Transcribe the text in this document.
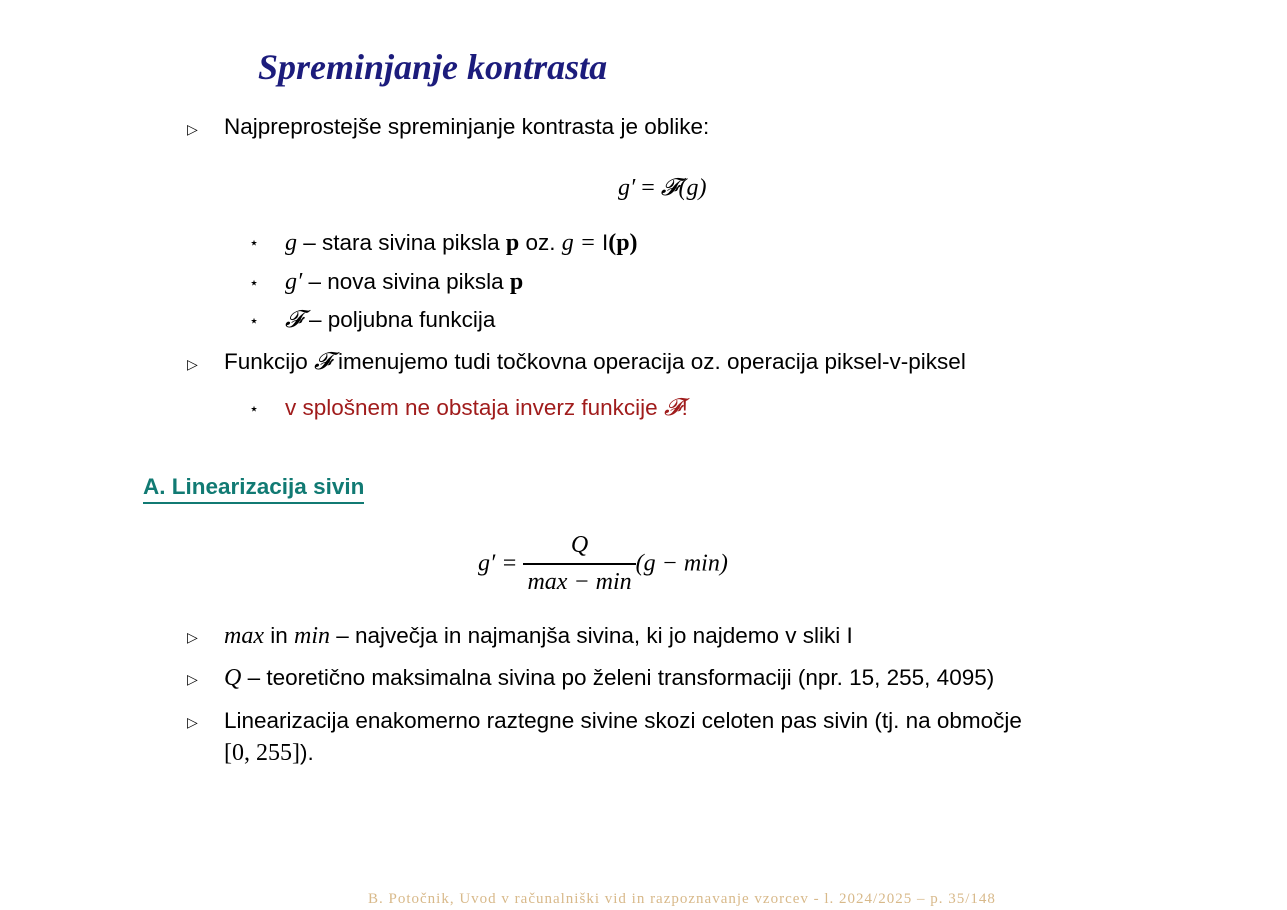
Spreminjanje kontrasta
▷ Najpreprostejše spreminjanje kontrasta je oblike:
g′ = 𝓕(g)
⋆ g – stara sivina piksla p oz. g = I(p)
⋆ g′ – nova sivina piksla p
⋆ 𝓕 – poljubna funkcija
▷ Funkcijo 𝓕 imenujemo tudi točkovna operacija oz. operacija piksel-v-piksel
⋆ v splošnem ne obstaja inverz funkcije 𝓕!
A. Linearizacija sivin
$g' = \frac{Q}{\max - \min} (g - \min)$
▷ max in min – največja in najmanjša sivina, ki jo najdemo v sliki I
▷ Q – teoretično maksimalna sivina po želeni transformaciji (npr. 15, 255, 4095)
▷ Linearizacija enakomerno raztegne sivine skozi celoten pas sivin (tj. na območje
[0, 255]).
B. Potočnik, Uvod v računalniški vid in razpoznavanje vzorcev - l. 2024/2025 – p. 35/148
